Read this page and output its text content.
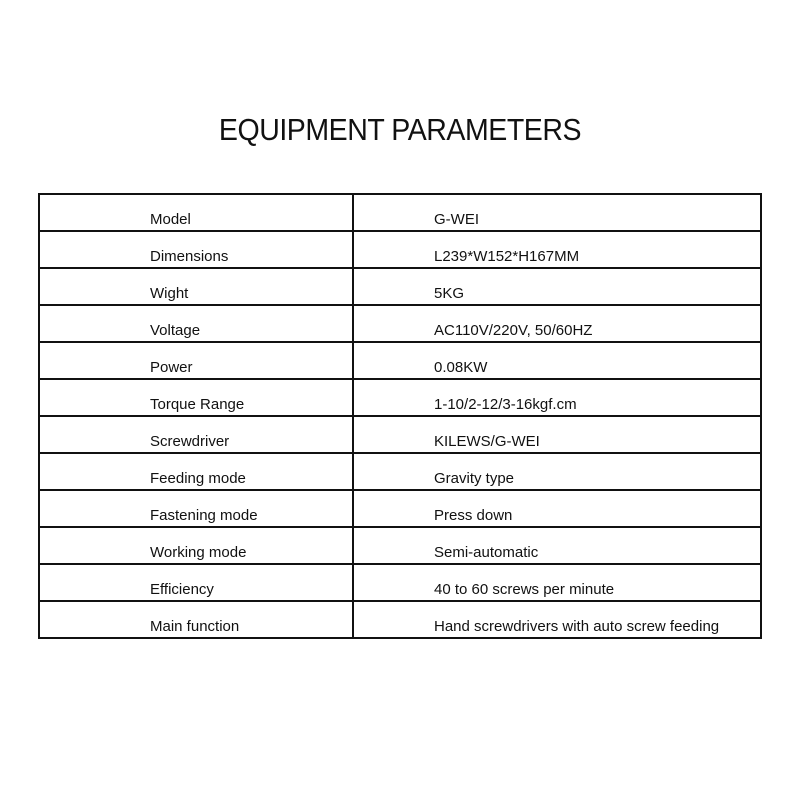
EQUIPMENT PARAMETERS
Model	G-WEI

Dimensions	L239*W152*H167MM

Wight	5KG

Voltage	AC110V/220V, 50/60HZ

Power	0.08KW

Torque Range	1-10/2-12/3-16kgf.cm

Screwdriver	KILEWS/G-WEI

Feeding mode	Gravity type

Fastening mode	Press down

Working mode	Semi-automatic

Efficiency	40 to 60 screws per minute

Main function	Hand screwdrivers with auto screw feeding
